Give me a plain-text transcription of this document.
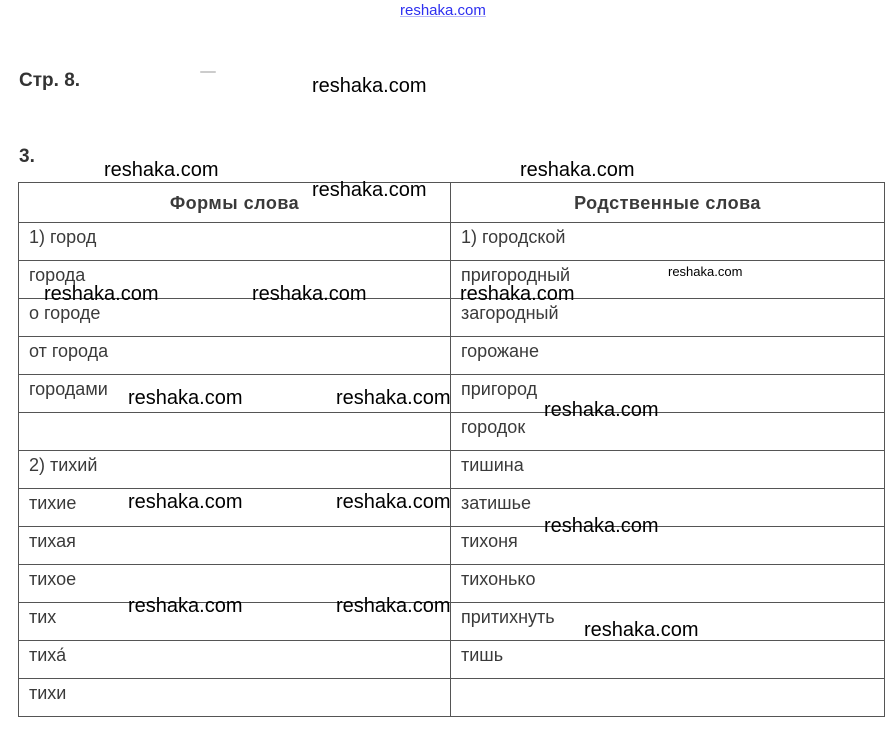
reshaka.com
Стр. 8.
3.
Формы слова	Родственные слова
1) город	1) городской
города	пригородный
о городе	загородный
от города	горожане
городами	пригород
	городок
2) тихий	тишина
тихие	затишье
тихая	тихоня
тихое	тихонько
тих	притихнуть
тиха́	тишь
тихи	
reshaka.com
reshaka.com	reshaka.com
reshaka.com
reshaka.com
reshaka.com	reshaka.com	reshaka.com
reshaka.com	reshaka.com
reshaka.com
reshaka.com	reshaka.com
reshaka.com
reshaka.com	reshaka.com
reshaka.com
